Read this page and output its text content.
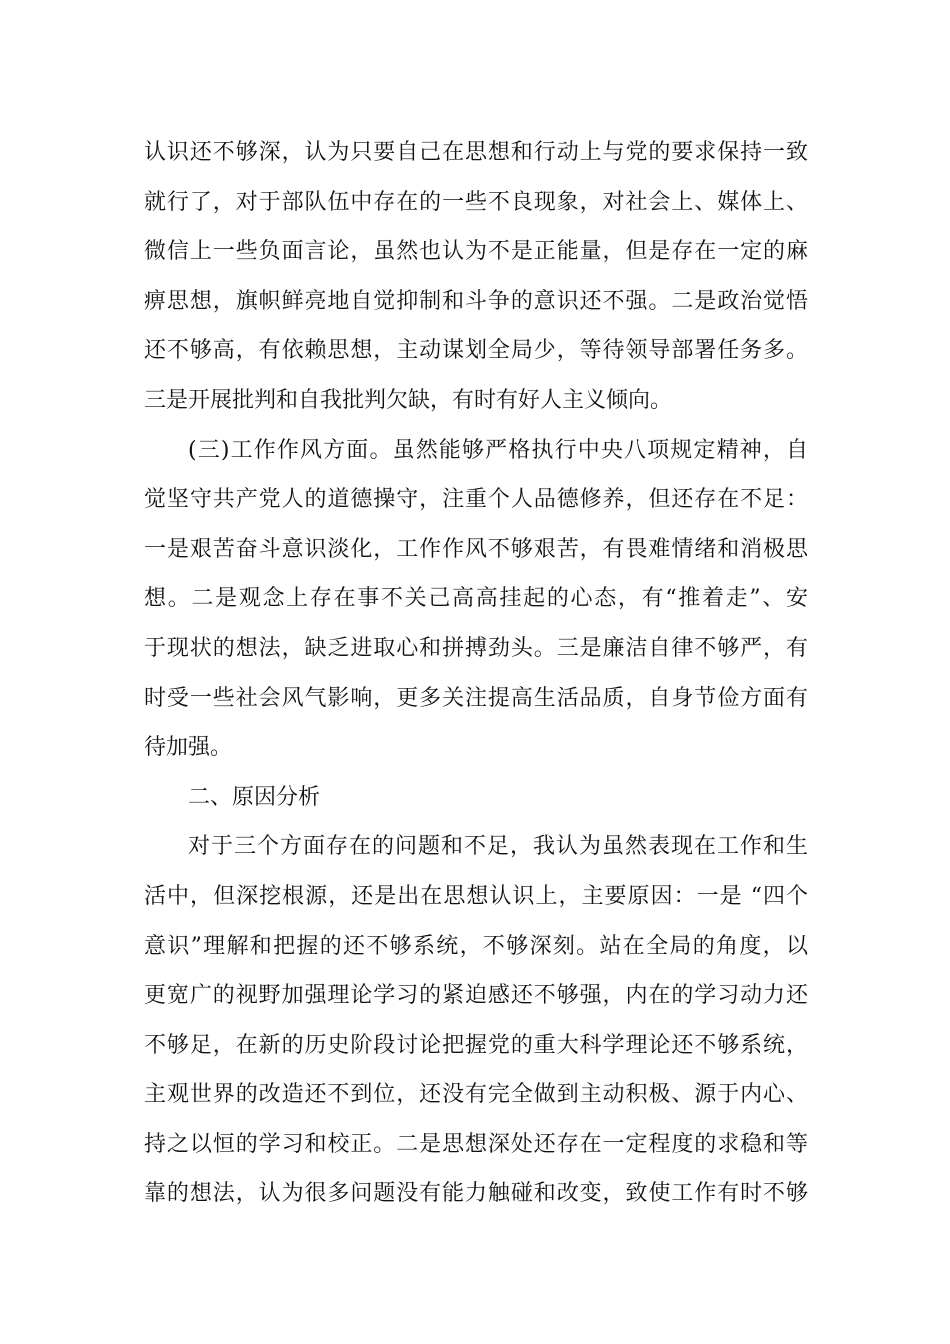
认识还不够深，认为只要自己在思想和行动上与党的要求保持一致
就行了，对于部队伍中存在的一些不良现象，对社会上、媒体上、
微信上一些负面言论，虽然也认为不是正能量，但是存在一定的麻
痹思想，旗帜鲜亮地自觉抑制和斗争的意识还不强。二是政治觉悟
还不够高，有依赖思想，主动谋划全局少，等待领导部署任务多。
三是开展批判和自我批判欠缺，有时有好人主义倾向。
(三)工作作风方面。虽然能够严格执行中央八项规定精神，自
觉坚守共产党人的道德操守，注重个人品德修养，但还存在不足：
一是艰苦奋斗意识淡化，工作作风不够艰苦，有畏难情绪和消极思
想。二是观念上存在事不关己高高挂起的心态，有“推着走”、安
于现状的想法，缺乏进取心和拼搏劲头。三是廉洁自律不够严，有
时受一些社会风气影响，更多关注提高生活品质，自身节俭方面有
待加强。
二、原因分析
对于三个方面存在的问题和不足，我认为虽然表现在工作和生
活中，但深挖根源，还是出在思想认识上，主要原因：一是 “四个
意识”理解和把握的还不够系统，不够深刻。站在全局的角度，以
更宽广的视野加强理论学习的紧迫感还不够强，内在的学习动力还
不够足，在新的历史阶段讨论把握党的重大科学理论还不够系统，
主观世界的改造还不到位，还没有完全做到主动积极、源于内心、
持之以恒的学习和校正。二是思想深处还存在一定程度的求稳和等
靠的想法，认为很多问题没有能力触碰和改变，致使工作有时不够
